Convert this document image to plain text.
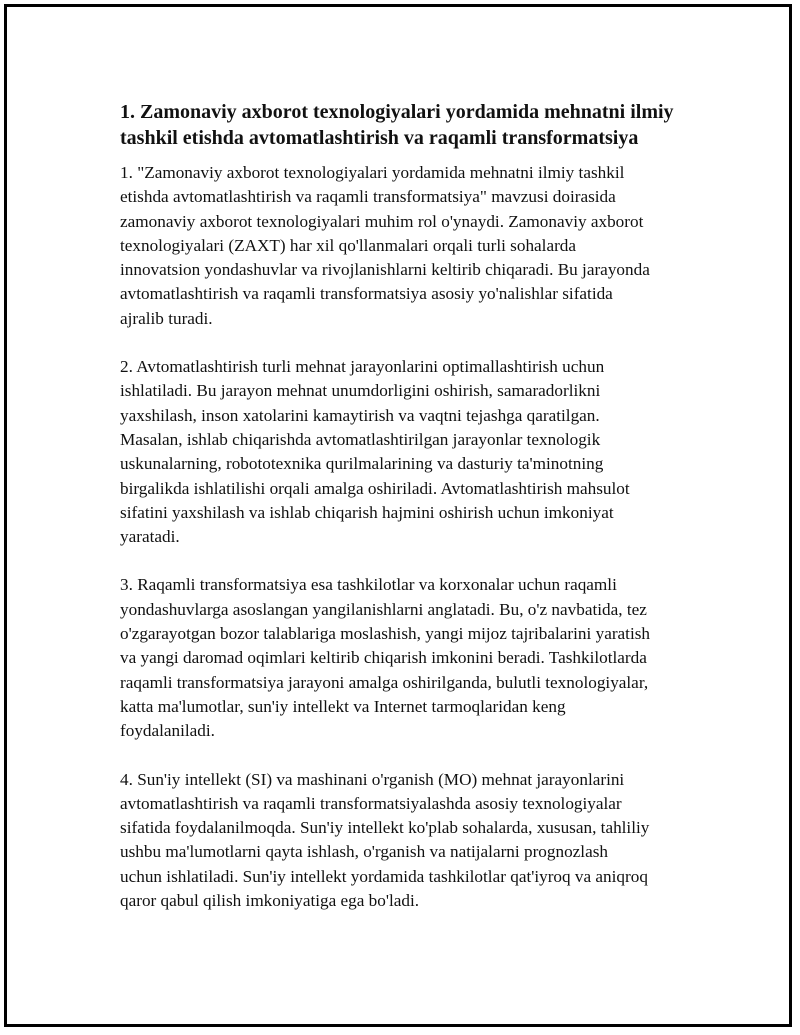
1. Zamonaviy axborot texnologiyalari yordamida mehnatni ilmiy tashkil etishda avtomatlashtirish va raqamli transformatsiya

1. "Zamonaviy axborot texnologiyalari yordamida mehnatni ilmiy tashkil
etishda avtomatlashtirish va raqamli transformatsiya" mavzusi doirasida
zamonaviy axborot texnologiyalari muhim rol o'ynaydi. Zamonaviy axborot
texnologiyalari (ZAXT) har xil qo'llanmalari orqali turli sohalarda
innovatsion yondashuvlar va rivojlanishlarni keltirib chiqaradi. Bu jarayonda
avtomatlashtirish va raqamli transformatsiya asosiy yo'nalishlar sifatida
ajralib turadi.

2. Avtomatlashtirish turli mehnat jarayonlarini optimallashtirish uchun
ishlatiladi. Bu jarayon mehnat unumdorligini oshirish, samaradorlikni
yaxshilash, inson xatolarini kamaytirish va vaqtni tejashga qaratilgan.
Masalan, ishlab chiqarishda avtomatlashtirilgan jarayonlar texnologik
uskunalarning, robototexnika qurilmalarining va dasturiy ta'minotning
birgalikda ishlatilishi orqali amalga oshiriladi. Avtomatlashtirish mahsulot
sifatini yaxshilash va ishlab chiqarish hajmini oshirish uchun imkoniyat
yaratadi.

3. Raqamli transformatsiya esa tashkilotlar va korxonalar uchun raqamli
yondashuvlarga asoslangan yangilanishlarni anglatadi. Bu, o'z navbatida, tez
o'zgarayotgan bozor talablariga moslashish, yangi mijoz tajribalarini yaratish
va yangi daromad oqimlari keltirib chiqarish imkonini beradi. Tashkilotlarda
raqamli transformatsiya jarayoni amalga oshirilganda, bulutli texnologiyalar,
katta ma'lumotlar, sun'iy intellekt va Internet tarmoqlaridan keng
foydalaniladi.

4. Sun'iy intellekt (SI) va mashinani o'rganish (MO) mehnat jarayonlarini
avtomatlashtirish va raqamli transformatsiyalashda asosiy texnologiyalar
sifatida foydalanilmoqda. Sun'iy intellekt ko'plab sohalarda, xususan, tahliliy
ushbu ma'lumotlarni qayta ishlash, o'rganish va natijalarni prognozlash
uchun ishlatiladi. Sun'iy intellekt yordamida tashkilotlar qat'iyroq va aniqroq
qaror qabul qilish imkoniyatiga ega bo'ladi.
